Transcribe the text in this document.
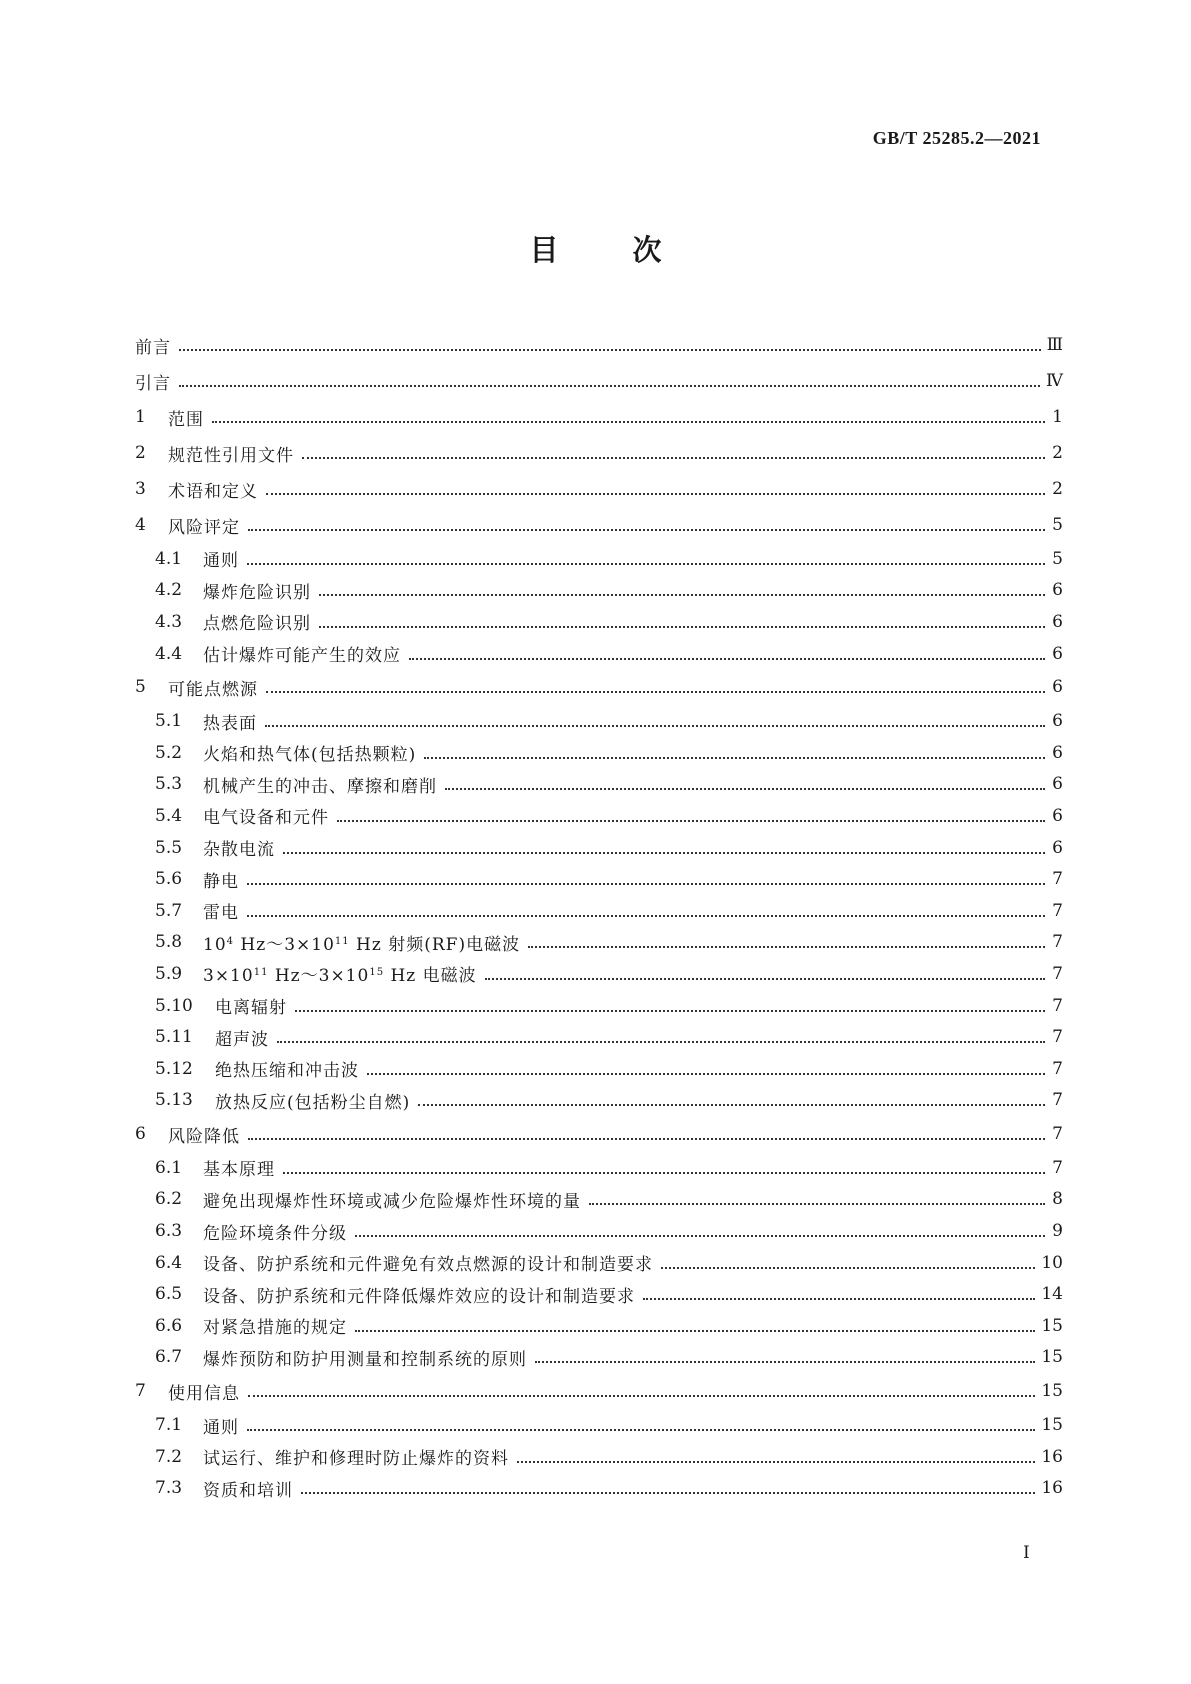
GB/T 25285.2—2021
目次
前言	Ⅲ
引言	Ⅳ
1	范围	1
2	规范性引用文件	2
3	术语和定义	2
4	风险评定	5
4.1	通则	5
4.2	爆炸危险识别	6
4.3	点燃危险识别	6
4.4	估计爆炸可能产生的效应	6
5	可能点燃源	6
5.1	热表面	6
5.2	火焰和热气体(包括热颗粒)	6
5.3	机械产生的冲击、摩擦和磨削	6
5.4	电气设备和元件	6
5.5	杂散电流	6
5.6	静电	7
5.7	雷电	7
5.8	$10^4$ $Hz\sim 3\times 10^{11}$ Hz 射频(RF)电磁波	7
5.9	$3\times 10^{11}$ $Hz\sim 3\times 10^{15}$ Hz 电磁波	7
5.10	电离辐射	7
5.11	超声波	7
5.12	绝热压缩和冲击波	7
5.13	放热反应(包括粉尘自燃)	7
6	风险降低	7
6.1	基本原理	7
6.2	避免出现爆炸性环境或减少危险爆炸性环境的量	8
6.3	危险环境条件分级	9
6.4	设备、防护系统和元件避免有效点燃源的设计和制造要求	10
6.5	设备、防护系统和元件降低爆炸效应的设计和制造要求	14
6.6	对紧急措施的规定	15
6.7	爆炸预防和防护用测量和控制系统的原则	15
7	使用信息	15
7.1	通则	15
7.2	试运行、维护和修理时防止爆炸的资料	16
7.3	资质和培训	16
I
